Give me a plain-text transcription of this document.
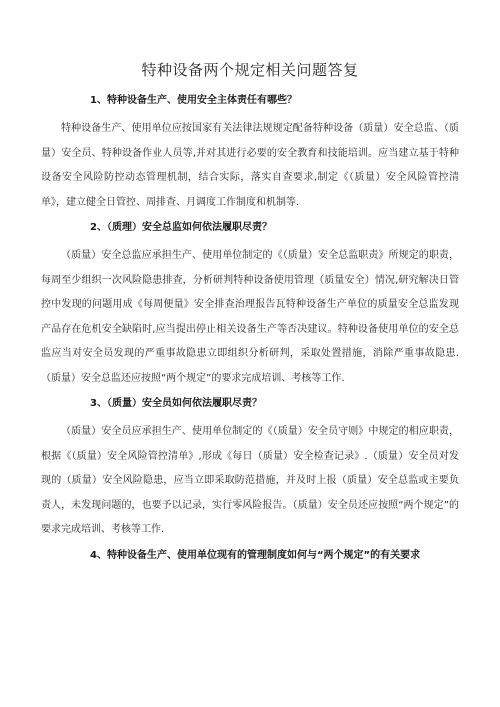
特种设备两个规定相关问题答复

1、特种设备生产、使用安全主体责任有哪些？

特种设备生产、使用单位应按国家有关法律法规规定配备特种设备（质量）安全总监、（质量）安全员、特种设备作业人员等,并对其进行必要的安全教育和技能培训。应当建立基于特种设备安全风险防控动态管理机制，结合实际，落实自查要求,制定《（质量）安全风险管控清单》，建立健全日管控、周排查、月调度工作制度和机制等.

2、（质理）安全总监如何依法履职尽责？

（质量）安全总监应承担生产、使用单位制定的《（质量）安全总监职责》所规定的职责，每周至少组织一次风险隐患排查，分析研判特种设备使用管理（质量安全）情况,研究解决日管控中发现的问题用成《每周便量》安全排查治理报告瓦特种设备生产单位的质量安全总监发现产品存在危机安全缺陷时,应当提出停止相关设备生产等否决建议。特种设备使用单位的安全总监应当对安全员发现的严重事故隐患立即组织分析研判，采取处置措施，消除严重事故隐患.（质量）安全总监还应按照“两个规定”的要求完成培训、考核等工作.

3、（质量）安全员如何依法履职尽责？

（质量）安全员应承担生产、使用单位制定的《（质量）安全员守则》中规定的相应职责，根据《（质量）安全风险管控清单》,形成《每日（质量）安全检查记录》.（质量）安全员对发现的（质量）安全风险隐患，应当立即采取防范措施，并及时上报（质量）安全总监或主要负责人，未发现问题的，也要予以记录，实行零风险报告。（质量）安全员还应按照“两个规定”的要求完成培训、考核等工作.

4、特种设备生产、使用单位现有的管理制度如何与“两个规定”的有关要求
